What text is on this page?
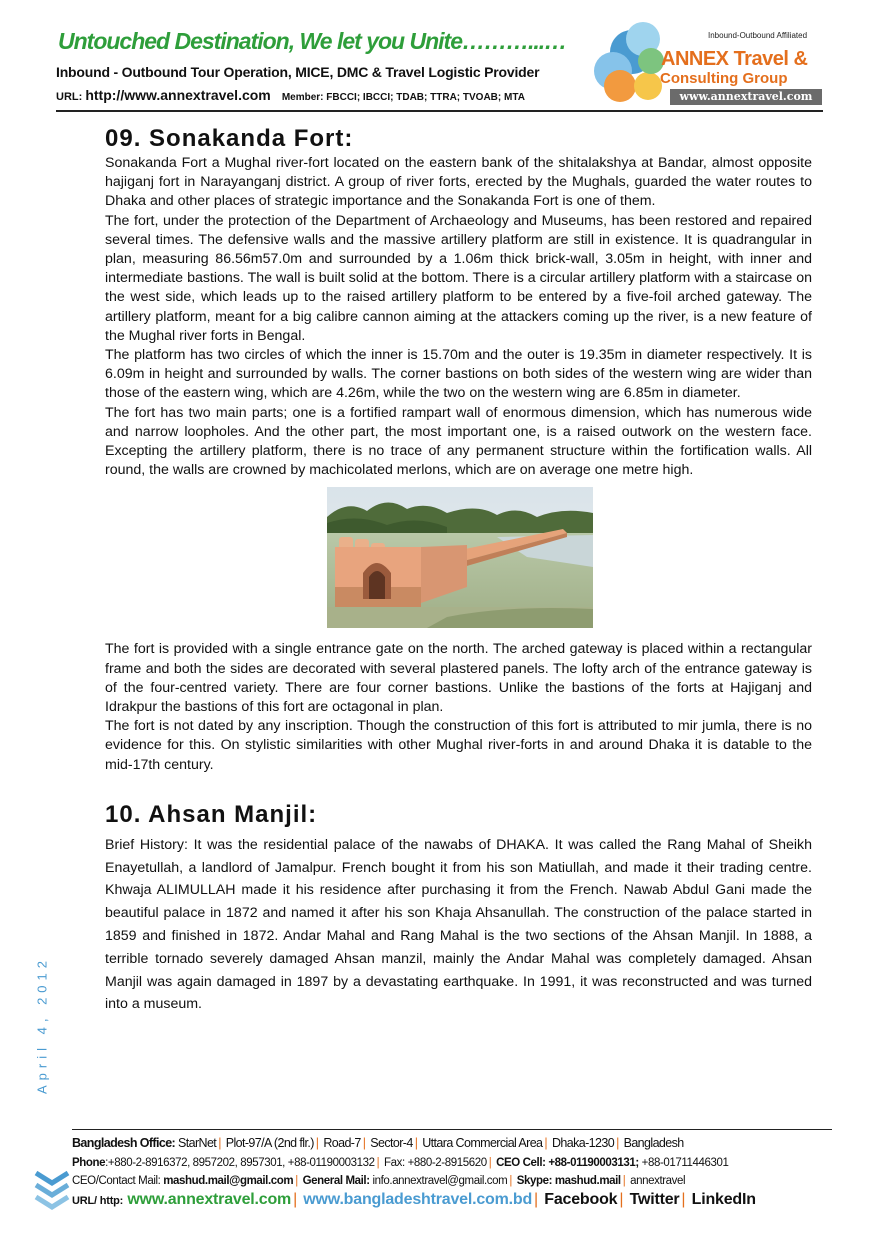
Untouched Destination, We let you Unite………...…
Inbound - Outbound Tour Operation, MICE, DMC & Travel Logistic Provider
URL: http://www.annextravel.com Member: FBCCI; IBCCI; TDAB; TTRA; TVOAB; MTA
Inbound-Outbound Affiliated
ANNEX Travel &
Consulting Group
www.annextravel.com
09. Sonakanda Fort:

Sonakanda Fort a Mughal river-fort located on the eastern bank of the shitalakshya at Bandar, almost opposite hajiganj fort in Narayanganj district. A group of river forts, erected by the Mughals, guarded the water routes to Dhaka and other places of strategic importance and the Sonakanda Fort is one of them.

The fort, under the protection of the Department of Archaeology and Museums, has been restored and repaired several times. The defensive walls and the massive artillery platform are still in existence. It is quadrangular in plan, measuring 86.56m57.0m and surrounded by a 1.06m thick brick-wall, 3.05m in height, with inner and intermediate bastions. The wall is built solid at the bottom. There is a circular artillery platform with a staircase on the west side, which leads up to the raised artillery platform to be entered by a five-foil arched gateway. The artillery platform, meant for a big calibre cannon aiming at the attackers coming up the river, is a new feature of the Mughal river forts in Bengal.

The platform has two circles of which the inner is 15.70m and the outer is 19.35m in diameter respectively. It is 6.09m in height and surrounded by walls. The corner bastions on both sides of the western wing are wider than those of the eastern wing, which are 4.26m, while the two on the western wing are 6.85m in diameter.

The fort has two main parts; one is a fortified rampart wall of enormous dimension, which has numerous wide and narrow loopholes. And the other part, the most important one, is a raised outwork on the western face. Excepting the artillery platform, there is no trace of any permanent structure within the fortification walls. All round, the walls are crowned by machicolated merlons, which are on average one metre high.

The fort is provided with a single entrance gate on the north. The arched gateway is placed within a rectangular frame and both the sides are decorated with several plastered panels. The lofty arch of the entrance gateway is of the four-centred variety. There are four corner bastions. Unlike the bastions of the forts at Hajiganj and Idrakpur the bastions of this fort are octagonal in plan.

The fort is not dated by any inscription. Though the construction of this fort is attributed to mir jumla, there is no evidence for this. On stylistic similarities with other Mughal river-forts in and around Dhaka it is datable to the mid-17th century.

10. Ahsan Manjil:

Brief History: It was the residential palace of the nawabs of DHAKA. It was called the Rang Mahal of Sheikh Enayetullah, a landlord of Jamalpur. French bought it from his son Matiullah, and made it their trading centre. Khwaja ALIMULLAH made it his residence after purchasing it from the French. Nawab Abdul Gani made the beautiful palace in 1872 and named it after his son Khaja Ahsanullah. The construction of the palace started in 1859 and finished in 1872. Andar Mahal and Rang Mahal is the two sections of the Ahsan Manjil. In 1888, a terrible tornado severely damaged Ahsan manzil, mainly the Andar Mahal was completely damaged. Ahsan Manjil was again damaged in 1897 by a devastating earthquake. In 1991, it was reconstructed and was turned into a museum.

April 4, 2012
Bangladesh Office: StarNet | Plot-97/A (2nd flr.) | Road-7 | Sector-4 | Uttara Commercial Area | Dhaka-1230 | Bangladesh
Phone:+880-2-8916372, 8957202, 8957301, +88-01190003132 | Fax: +880-2-8915620 | CEO Cell: +88-01190003131; +88-01711446301
CEO/Contact Mail: mashud.mail@gmail.com | General Mail: info.annextravel@gmail.com | Skype: mashud.mail | annextravel
URL/ http: www.annextravel.com | www.bangladeshtravel.com.bd | Facebook | Twitter | LinkedIn
